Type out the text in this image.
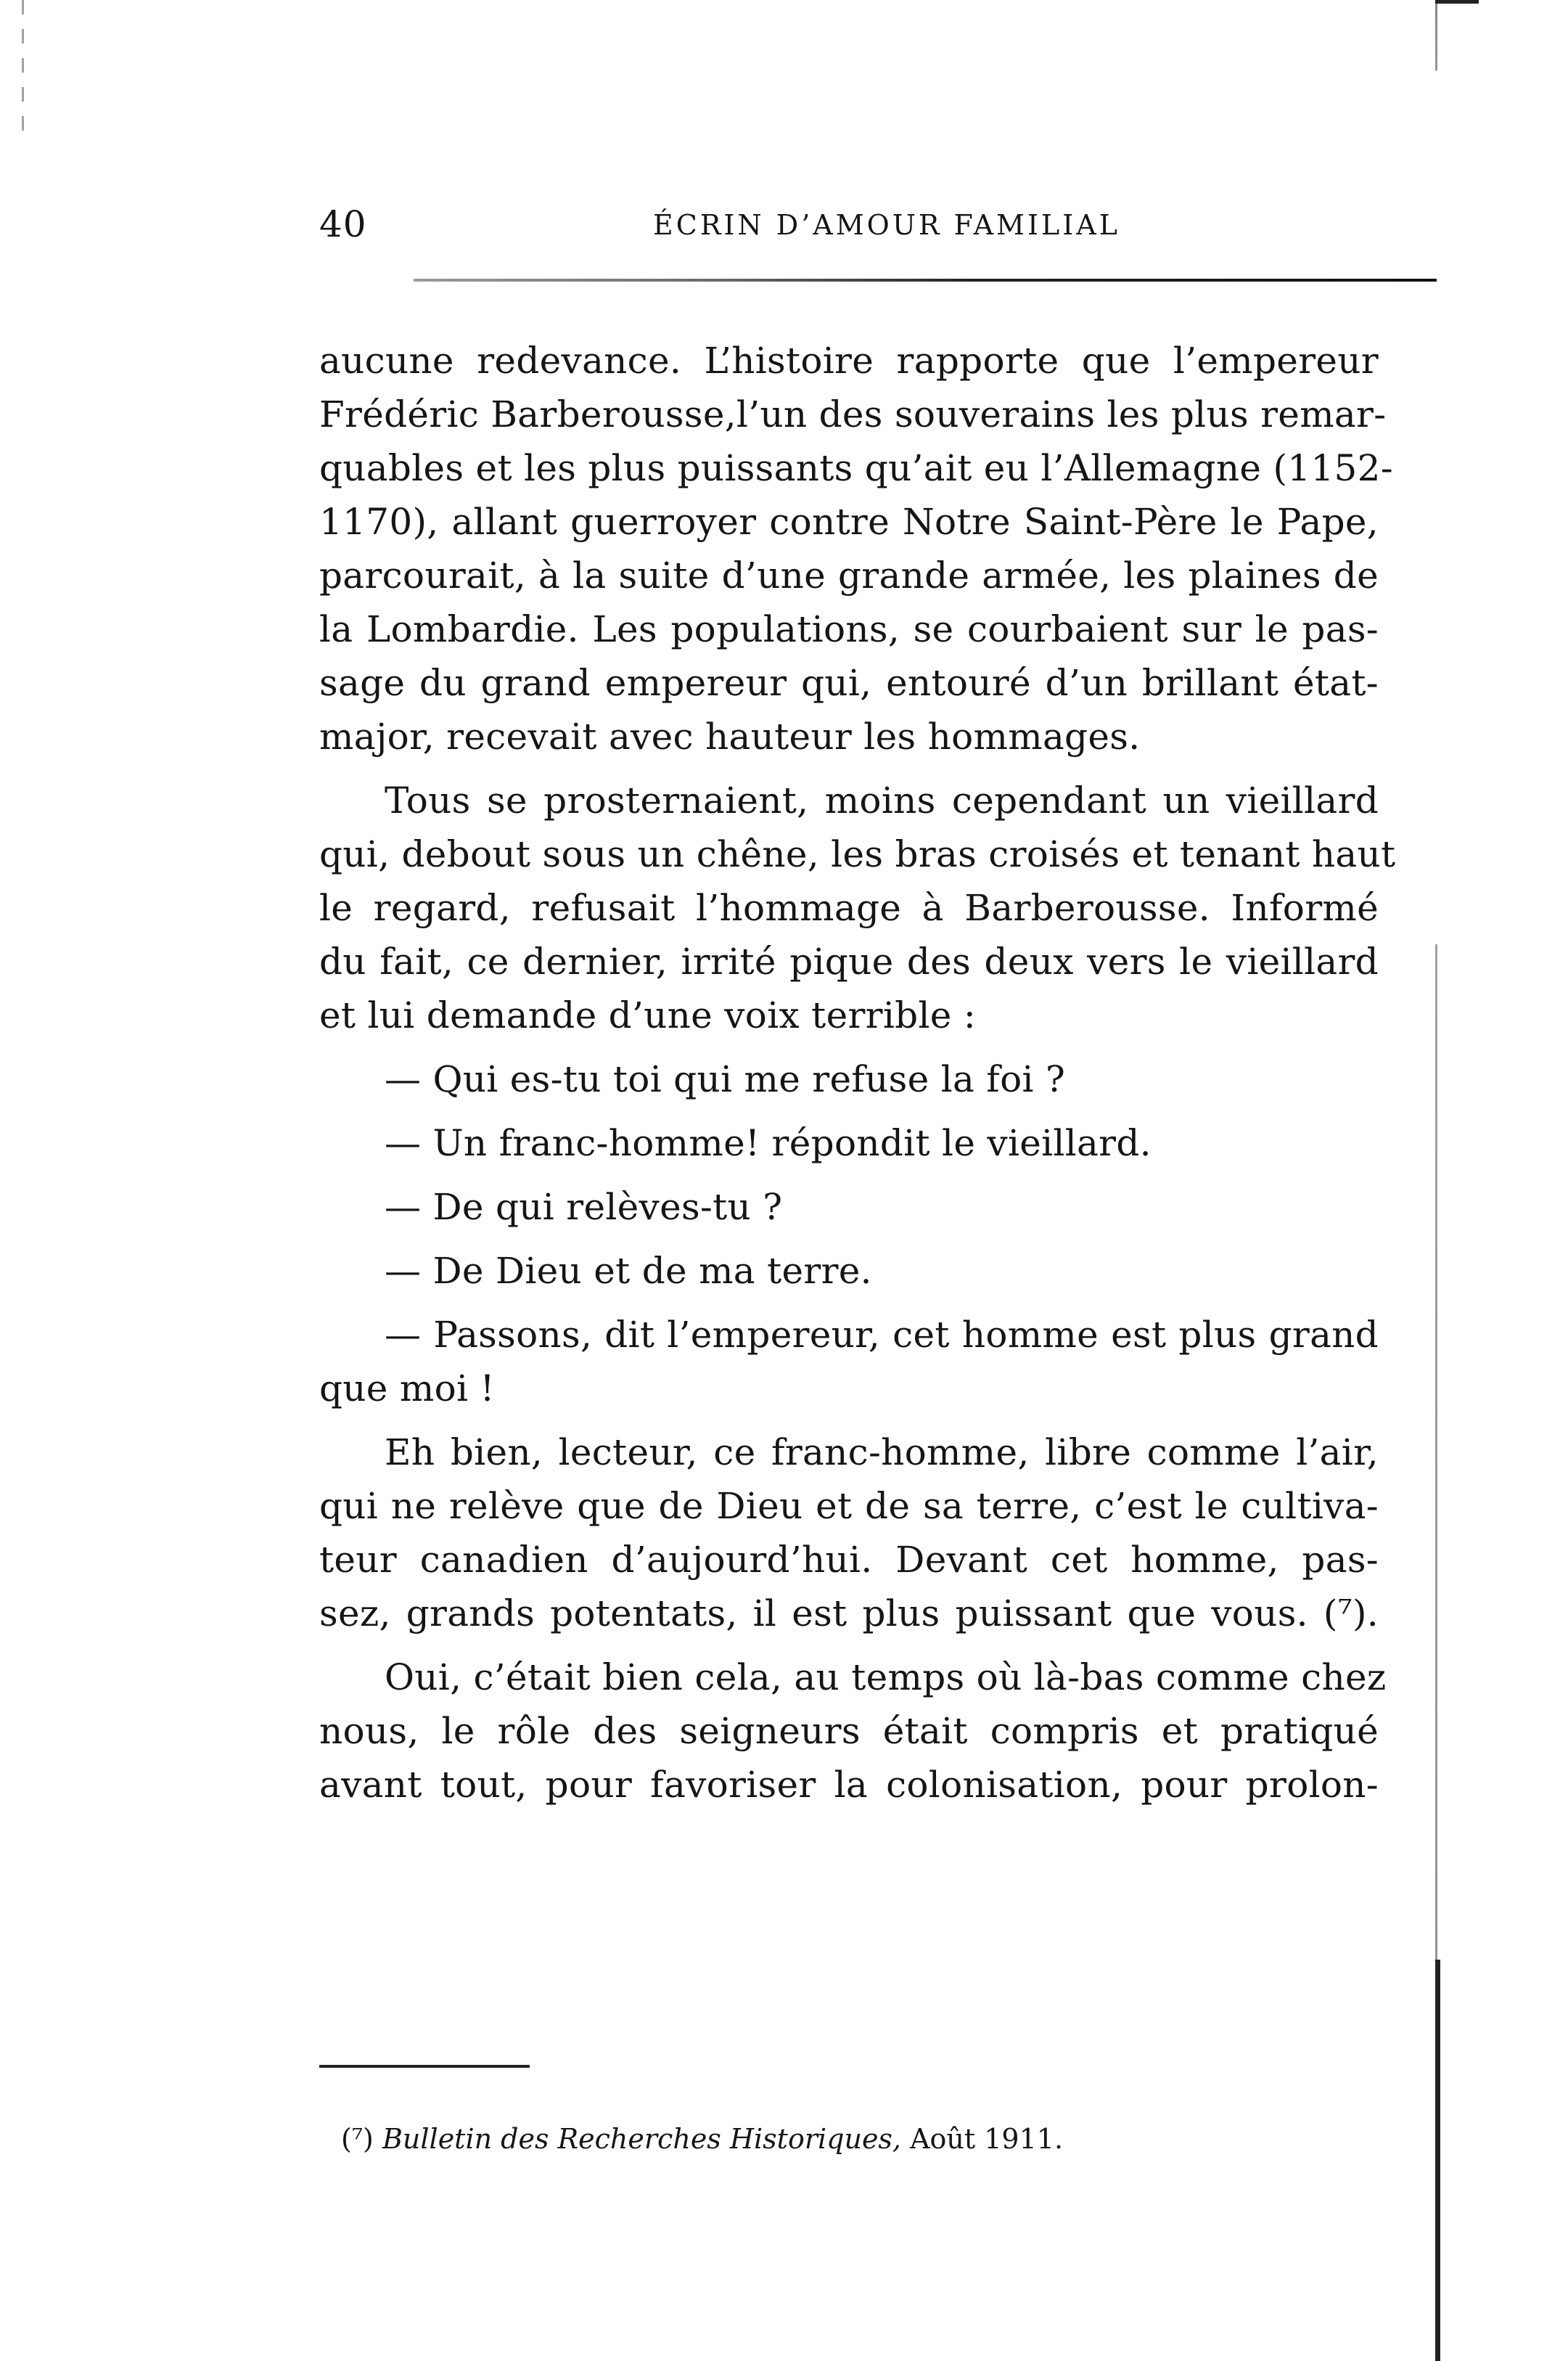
40	ÉCRIN D’AMOUR FAMILIAL
aucune redevance. L’histoire rapporte que l’empereur
Frédéric Barberousse,l’un des souverains les plus remar-
quables et les plus puissants qu’ait eu l’Allemagne (1152-
1170), allant guerroyer contre Notre Saint-Père le Pape,
parcourait, à la suite d’une grande armée, les plaines de
la Lombardie. Les populations, se courbaient sur le pas-
sage du grand empereur qui, entouré d’un brillant état-
major, recevait avec hauteur les hommages.
Tous se prosternaient, moins cependant un vieillard
qui, debout sous un chêne, les bras croisés et tenant haut
le regard, refusait l’hommage à Barberousse. Informé
du fait, ce dernier, irrité pique des deux vers le vieillard
et lui demande d’une voix terrible :
— Qui es-tu toi qui me refuse la foi ?
— Un franc-homme! répondit le vieillard.
— De qui relèves-tu ?
— De Dieu et de ma terre.
— Passons, dit l’empereur, cet homme est plus grand
que moi !
Eh bien, lecteur, ce franc-homme, libre comme l’air,
qui ne relève que de Dieu et de sa terre, c’est le cultiva-
teur canadien d’aujourd’hui. Devant cet homme, pas-
sez, grands potentats, il est plus puissant que vous. (⁷).
Oui, c’était bien cela, au temps où là-bas comme chez
nous, le rôle des seigneurs était compris et pratiqué
avant tout, pour favoriser la colonisation, pour prolon-
(⁷) Bulletin des Recherches Historiques, Août 1911.
